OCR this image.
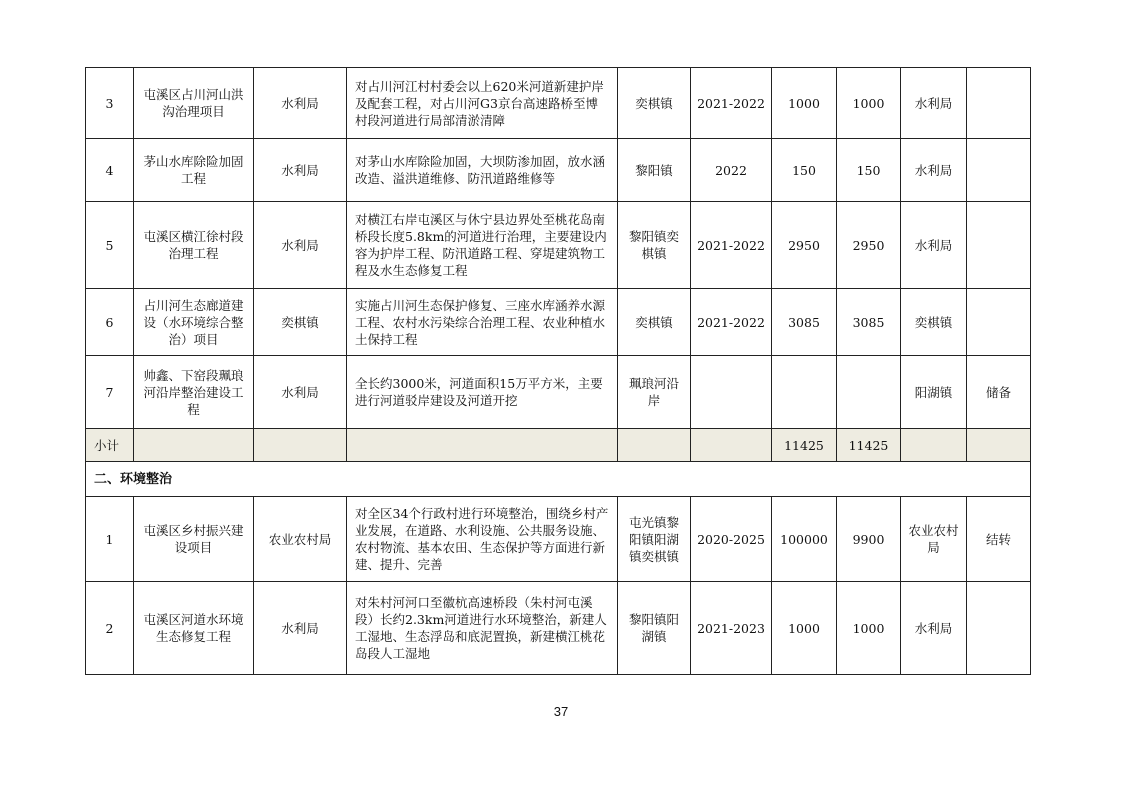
3	屯溪区占川河山洪沟治理项目	水利局	对占川河江村村委会以上620米河道新建护岸及配套工程，对占川河G3京台高速路桥至博村段河道进行局部清淤清障	奕棋镇	2021-2022	1000	1000	水利局	
4	茅山水库除险加固工程	水利局	对茅山水库除险加固，大坝防渗加固，放水涵改造、溢洪道维修、防汛道路维修等	黎阳镇	2022	150	150	水利局	
5	屯溪区横江徐村段治理工程	水利局	对横江右岸屯溪区与休宁县边界处至桃花岛南桥段长度5.8km的河道进行治理，主要建设内容为护岸工程、防汛道路工程、穿堤建筑物工程及水生态修复工程	黎阳镇奕棋镇	2021-2022	2950	2950	水利局	
6	占川河生态廊道建设（水环境综合整治）项目	奕棋镇	实施占川河生态保护修复、三座水库涵养水源工程、农村水污染综合治理工程、农业种植水土保持工程	奕棋镇	2021-2022	3085	3085	奕棋镇	
7	帅鑫、下窑段珮琅河沿岸整治建设工程	水利局	全长约3000米，河道面积15万平方米，主要进行河道驳岸建设及河道开挖	珮琅河沿岸				阳湖镇	储备
小计						11425	11425		
二、环境整治									
1	屯溪区乡村振兴建设项目	农业农村局	对全区34个行政村进行环境整治，围绕乡村产业发展，在道路、水利设施、公共服务设施、农村物流、基本农田、生态保护等方面进行新建、提升、完善	屯光镇黎阳镇阳湖镇奕棋镇	2020-2025	100000	9900	农业农村局	结转
2	屯溪区河道水环境生态修复工程	水利局	对朱村河河口至徽杭高速桥段（朱村河屯溪段）长约2.3km河道进行水环境整治，新建人工湿地、生态浮岛和底泥置换，新建横江桃花岛段人工湿地	黎阳镇阳湖镇	2021-2023	1000	1000	水利局	
37
